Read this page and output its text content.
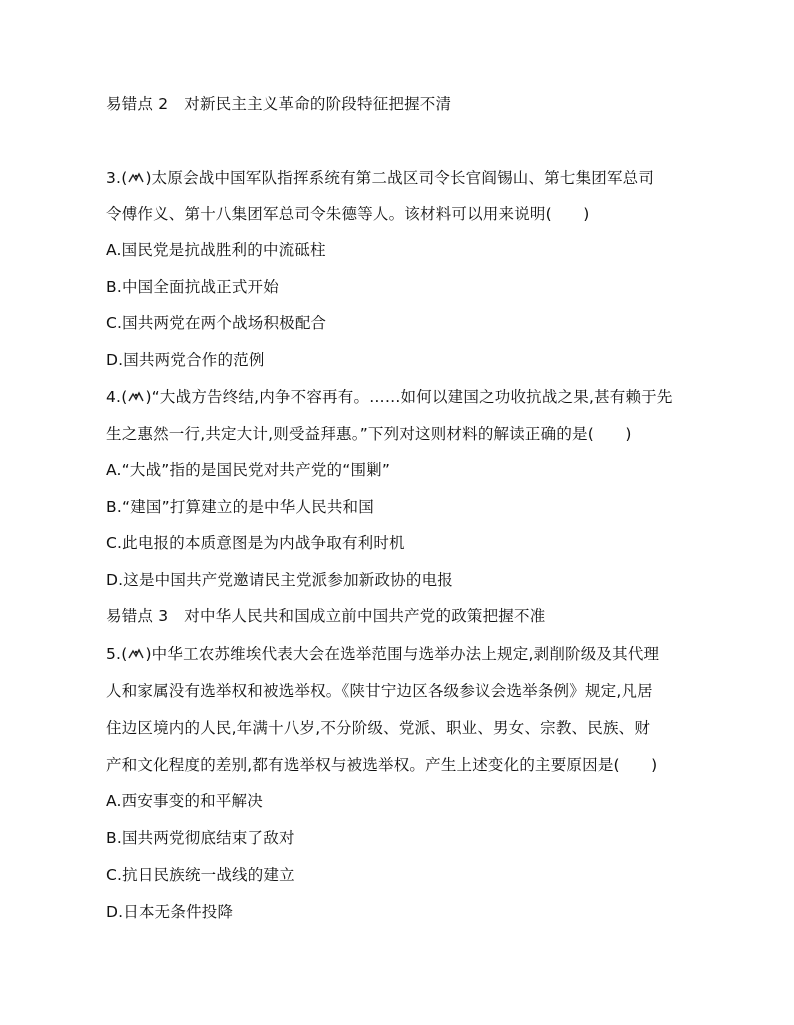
易错点 2 对新民主主义革命的阶段特征把握不清
3.( )太原会战中国军队指挥系统有第二战区司令长官阎锡山、第七集团军总司
令傅作义、第十八集团军总司令朱德等人。该材料可以用来说明(　　)
A.国民党是抗战胜利的中流砥柱
B.中国全面抗战正式开始
C.国共两党在两个战场积极配合
D.国共两党合作的范例
4.( )“大战方告终结,内争不容再有。……如何以建国之功收抗战之果,甚有赖于先
生之惠然一行,共定大计,则受益拜惠。”下列对这则材料的解读正确的是(　　)
A.“大战”指的是国民党对共产党的“围剿”
B.“建国”打算建立的是中华人民共和国
C.此电报的本质意图是为内战争取有利时机
D.这是中国共产党邀请民主党派参加新政协的电报
易错点 3 对中华人民共和国成立前中国共产党的政策把握不准
5.( )中华工农苏维埃代表大会在选举范围与选举办法上规定,剥削阶级及其代理
人和家属没有选举权和被选举权。《陕甘宁边区各级参议会选举条例》规定,凡居
住边区境内的人民,年满十八岁,不分阶级、党派、职业、男女、宗教、民族、财
产和文化程度的差别,都有选举权与被选举权。产生上述变化的主要原因是(　　)
A.西安事变的和平解决
B.国共两党彻底结束了敌对
C.抗日民族统一战线的建立
D.日本无条件投降
